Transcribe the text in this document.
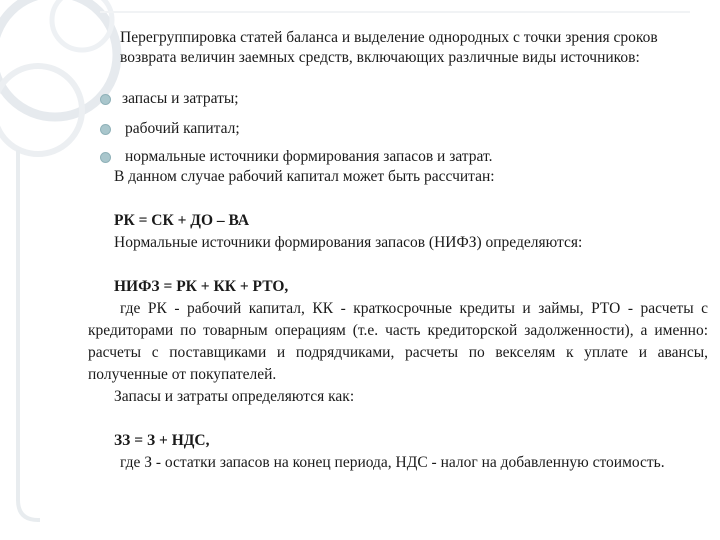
Перегруппировка статей баланса и выделение однородных с точки зрения сроков возврата величин заемных средств, включающих различные виды источников:
запасы и затраты;
рабочий капитал;
нормальные источники формирования запасов и затрат.
В данном случае рабочий капитал может быть рассчитан:
РК = СК + ДО – ВА
Нормальные источники формирования запасов (НИФЗ) определяются:
НИФЗ = РК + КК + РТО,
где РК - рабочий капитал, КК - краткосрочные кредиты и займы, РТО - расчеты с кредиторами по товарным операциям (т.е. часть кредиторской задолженности), а именно: расчеты с поставщиками и подрядчиками, расчеты по векселям к уплате и авансы, полученные от покупателей.
Запасы и затраты определяются как:
ЗЗ = З + НДС,
где З - остатки запасов на конец периода, НДС - налог на добавленную стоимость.
